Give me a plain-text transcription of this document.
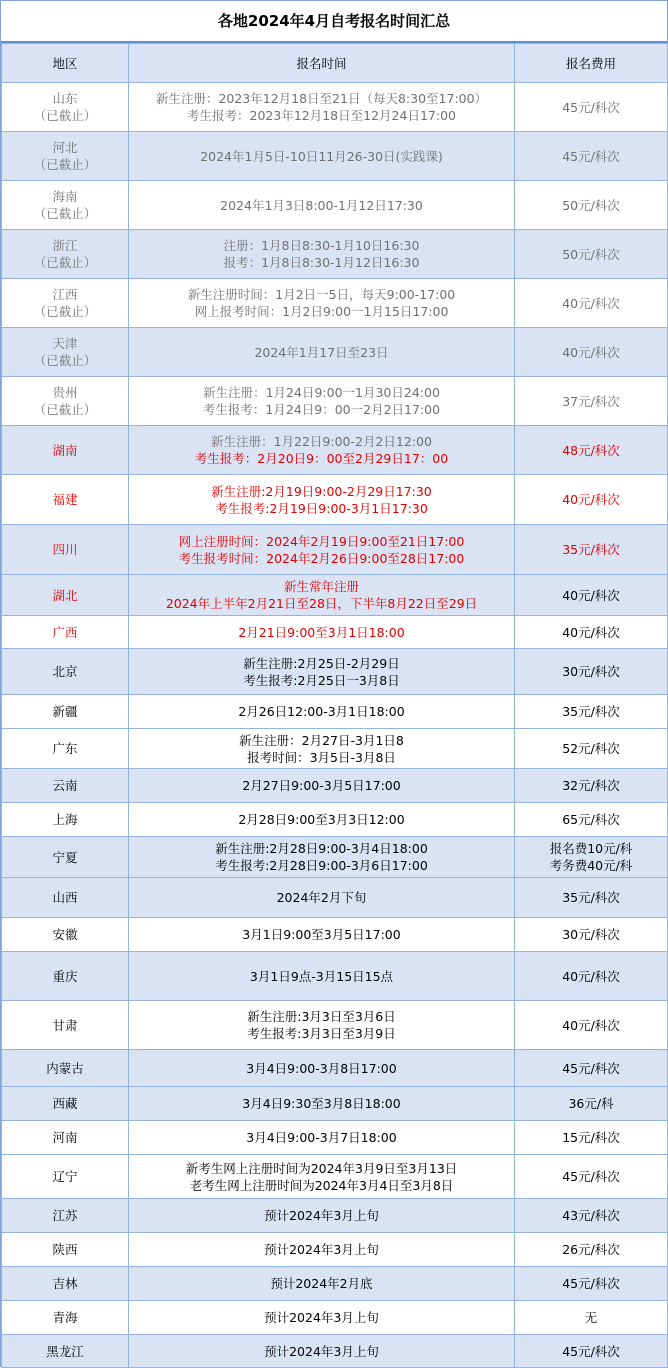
各地2024年4月自考报名时间汇总
地区	报名时间	报名费用

山东
（已截止）	新生注册：2023年12月18日至21日（每天8:30至17:00）
考生报考：2023年12月18日至12月24日17:00	45元/科次

河北
（已截止）	2024年1月5日-10日11月26-30日(实践课)	45元/科次

海南
（已截止）	2024年1月3日8:00-1月12日17:30	50元/科次

浙江
（已截止）	注册：1月8日8:30-1月10日16:30
报考：1月8日8:30-1月12日16:30	50元/科次

江西
（已截止）	新生注册时间：1月2日一5日，每天9:00-17:00
网上报考时间：1月2日9:00一1月15日17:00	40元/科次

天津
（已截止）	2024年1月17日至23日	40元/科次

贵州
（已截止）	新生注册：1月24日9:00一1月30日24:00
考生报考：1月24日9：00一2月2日17:00	37元/科次

湖南	新生注册：1月22日9:00-2月2日12:00
考生报考：2月20日9：00至2月29日17：00	48元/科次

福建	新生注册:2月19日9:00-2月29日17:30
考生报考:2月19日9:00-3月1日17:30	40元/科次

四川	网上注册时间：2024年2月19日9:00至21日17:00
考生报考时间：2024年2月26日9:00至28日17:00	35元/科次

湖北	新生常年注册
2024年上半年2月21日至28日，下半年8月22日至29日	40元/科次

广西	2月21日9:00至3月1日18:00	40元/科次

北京	新生注册:2月25日-2月29日
考生报考:2月25日一3月8日	30元/科次

新疆	2月26日12:00-3月1日18:00	35元/科次

广东	新生注册：2月27日-3月1日8
报考时间：3月5日-3月8日	52元/科次

云南	2月27日9:00-3月5日17:00	32元/科次

上海	2月28日9:00至3月3日12:00	65元/科次

宁夏	新生注册:2月28日9:00-3月4日18:00
考生报考:2月28日9:00-3月6日17:00	报名费10元/科
考务费40元/科

山西	2024年2月下旬	35元/科次

安徽	3月1日9:00至3月5日17:00	30元/科次

重庆	3月1日9点-3月15日15点	40元/科次

甘肃	新生注册:3月3日至3月6日
考生报考:3月3日至3月9日	40元/科次

内蒙古	3月4日9:00-3月8日17:00	45元/科次

西藏	3月4日9:30至3月8日18:00	36元/科

河南	3月4日9:00-3月7日18:00	15元/科次

辽宁	新考生网上注册时间为2024年3月9日至3月13日
老考生网上注册时间为2024年3月4日至3月8日	45元/科次

江苏	预计2024年3月上旬	43元/科次

陕西	预计2024年3月上旬	26元/科次

吉林	预计2024年2月底	45元/科次

青海	预计2024年3月上旬	无

黑龙江	预计2024年3月上旬	45元/科次
